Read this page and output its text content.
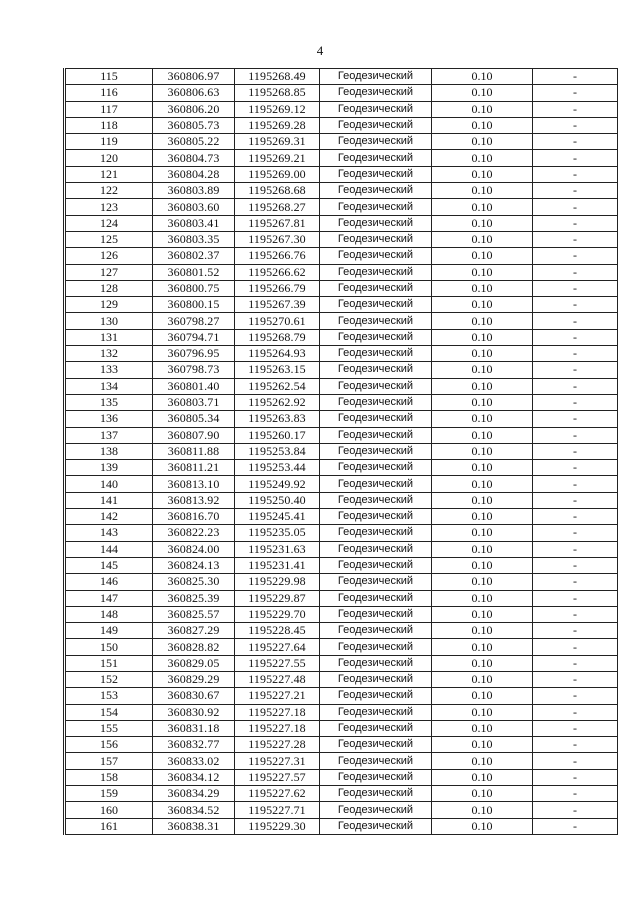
4
115	360806.97	1195268.49	Геодезический	0.10	-
116	360806.63	1195268.85	Геодезический	0.10	-
117	360806.20	1195269.12	Геодезический	0.10	-
118	360805.73	1195269.28	Геодезический	0.10	-
119	360805.22	1195269.31	Геодезический	0.10	-
120	360804.73	1195269.21	Геодезический	0.10	-
121	360804.28	1195269.00	Геодезический	0.10	-
122	360803.89	1195268.68	Геодезический	0.10	-
123	360803.60	1195268.27	Геодезический	0.10	-
124	360803.41	1195267.81	Геодезический	0.10	-
125	360803.35	1195267.30	Геодезический	0.10	-
126	360802.37	1195266.76	Геодезический	0.10	-
127	360801.52	1195266.62	Геодезический	0.10	-
128	360800.75	1195266.79	Геодезический	0.10	-
129	360800.15	1195267.39	Геодезический	0.10	-
130	360798.27	1195270.61	Геодезический	0.10	-
131	360794.71	1195268.79	Геодезический	0.10	-
132	360796.95	1195264.93	Геодезический	0.10	-
133	360798.73	1195263.15	Геодезический	0.10	-
134	360801.40	1195262.54	Геодезический	0.10	-
135	360803.71	1195262.92	Геодезический	0.10	-
136	360805.34	1195263.83	Геодезический	0.10	-
137	360807.90	1195260.17	Геодезический	0.10	-
138	360811.88	1195253.84	Геодезический	0.10	-
139	360811.21	1195253.44	Геодезический	0.10	-
140	360813.10	1195249.92	Геодезический	0.10	-
141	360813.92	1195250.40	Геодезический	0.10	-
142	360816.70	1195245.41	Геодезический	0.10	-
143	360822.23	1195235.05	Геодезический	0.10	-
144	360824.00	1195231.63	Геодезический	0.10	-
145	360824.13	1195231.41	Геодезический	0.10	-
146	360825.30	1195229.98	Геодезический	0.10	-
147	360825.39	1195229.87	Геодезический	0.10	-
148	360825.57	1195229.70	Геодезический	0.10	-
149	360827.29	1195228.45	Геодезический	0.10	-
150	360828.82	1195227.64	Геодезический	0.10	-
151	360829.05	1195227.55	Геодезический	0.10	-
152	360829.29	1195227.48	Геодезический	0.10	-
153	360830.67	1195227.21	Геодезический	0.10	-
154	360830.92	1195227.18	Геодезический	0.10	-
155	360831.18	1195227.18	Геодезический	0.10	-
156	360832.77	1195227.28	Геодезический	0.10	-
157	360833.02	1195227.31	Геодезический	0.10	-
158	360834.12	1195227.57	Геодезический	0.10	-
159	360834.29	1195227.62	Геодезический	0.10	-
160	360834.52	1195227.71	Геодезический	0.10	-
161	360838.31	1195229.30	Геодезический	0.10	-
